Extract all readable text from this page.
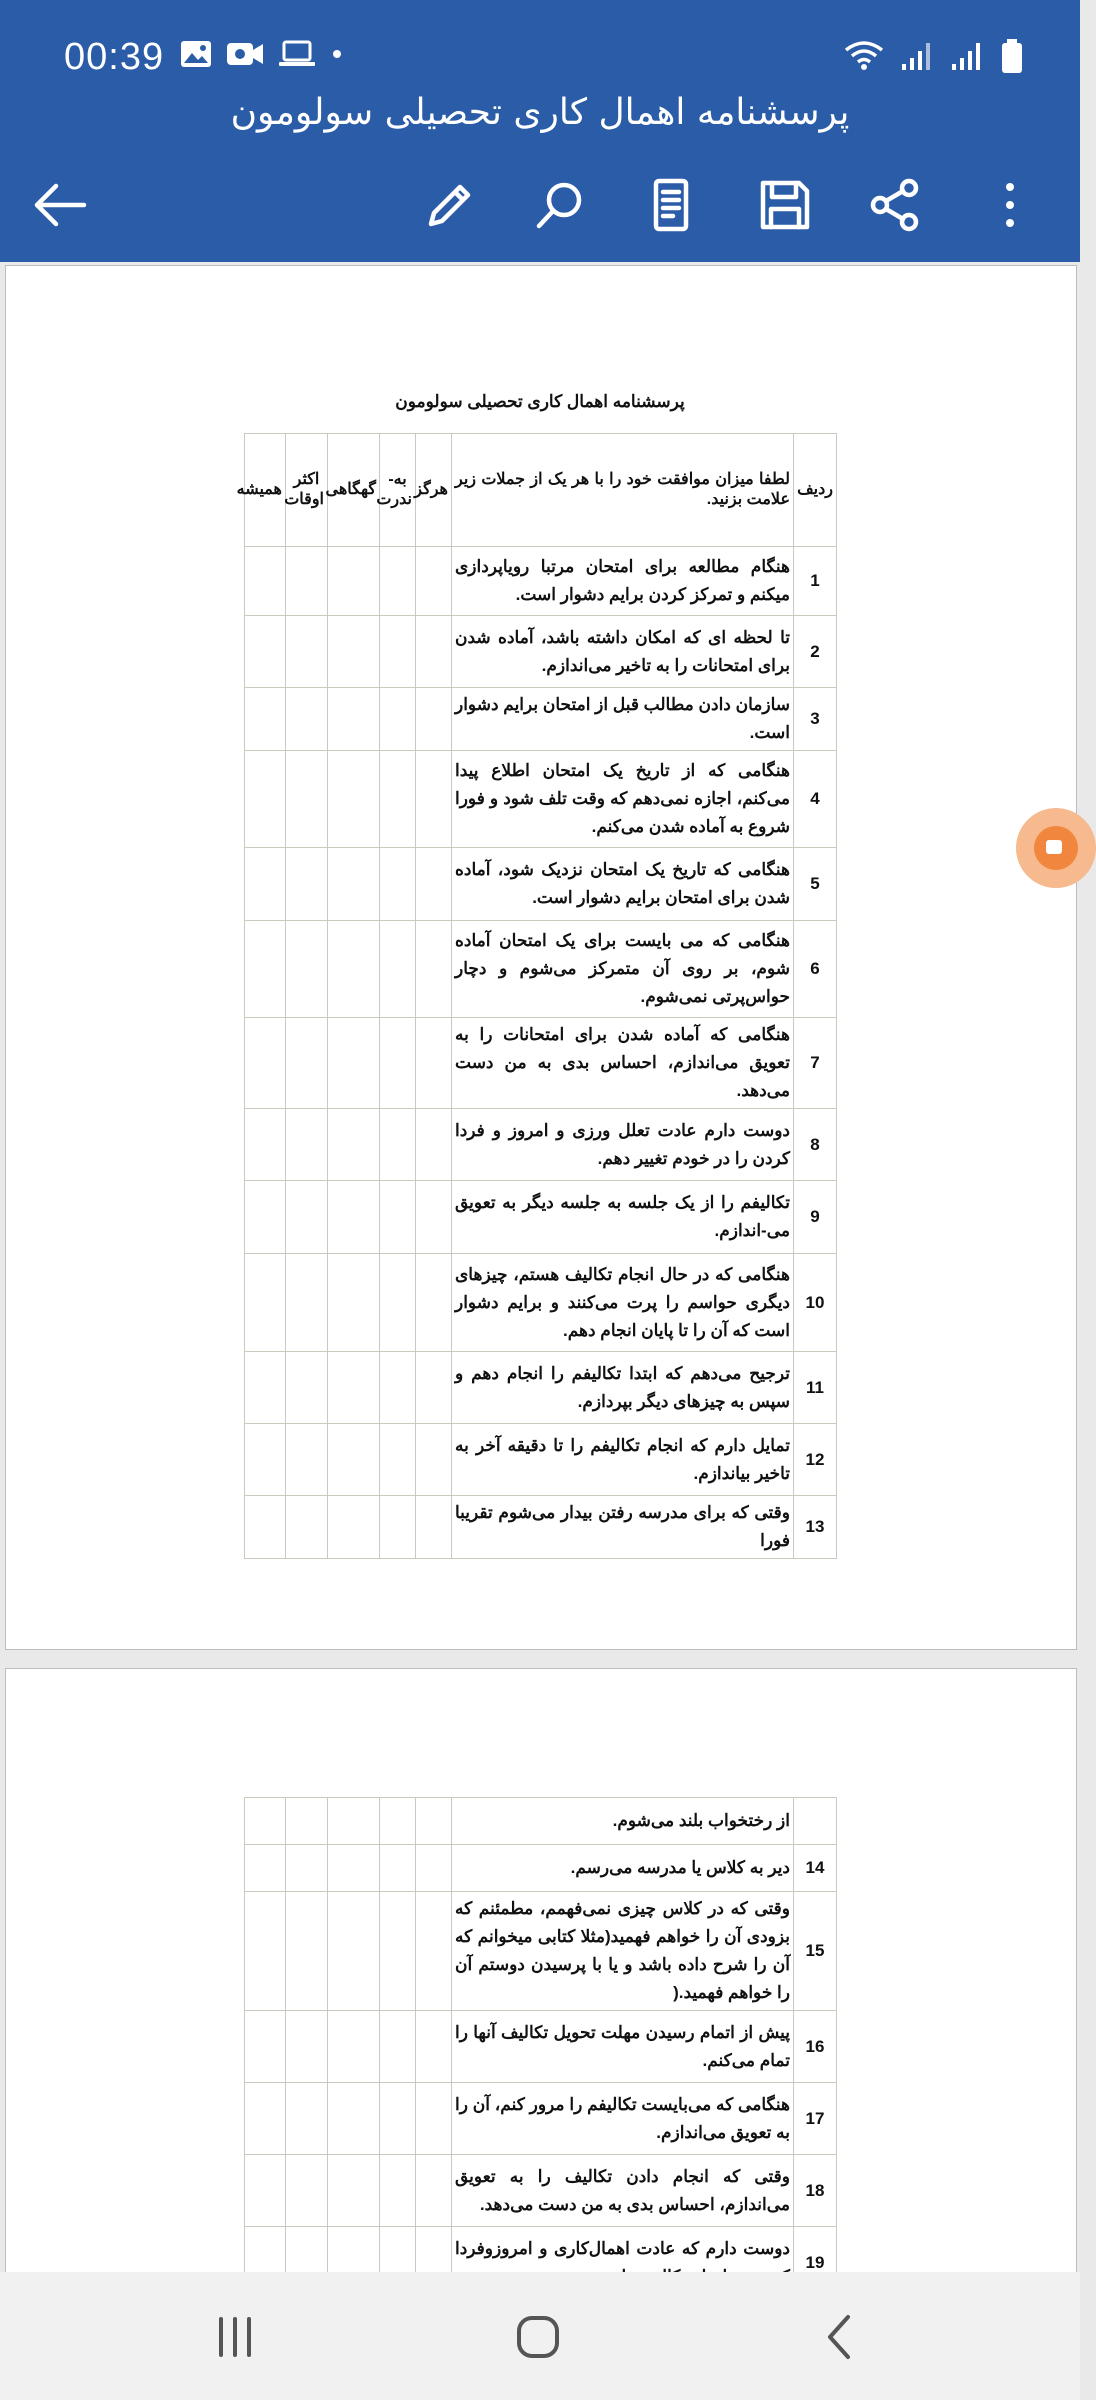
00:39
پرسشنامه اهمال کاری تحصیلی سولومون
پرسشنامه اهمال کاری تحصیلی سولومون
ردیف	لطفا میزان موافقت خود را با هر یک از جملات زیر علامت بزنید.	هرگز	به-ندرت	گهگاهی	اکثر اوقات	همیشه
1	هنگام مطالعه برای امتحان مرتبا رویاپردازی میکنم و تمرکز کردن برایم دشوار است.					
2	تا لحظه ای که امکان داشته باشد، آماده شدن برای امتحانات را به تاخیر می‌اندازم.					
3	سازمان دادن مطالب قبل از امتحان برایم دشوار است.					
4	هنگامی که از تاریخ یک امتحان اطلاع پیدا می‌کنم، اجازه نمی‌دهم که وقت تلف شود و فورا شروع به آماده شدن می‌کنم.					
5	هنگامی که تاریخ یک امتحان نزدیک شود، آماده شدن برای امتحان برایم دشوار است.					
6	هنگامی که می بایست برای یک امتحان آماده شوم، بر روی آن متمرکز می‌شوم و دچار حواس‌پرتی نمی‌شوم.					
7	هنگامی که آماده شدن برای امتحانات را به تعویق می‌اندازم، احساس بدی به من دست می‌دهد.					
8	دوست دارم عادت تعلل ورزی و امروز و فردا کردن را در خودم تغییر دهم.					
9	تکالیفم را از یک جلسه به جلسه دیگر به تعویق می-اندازم.					
10	هنگامی که در حال انجام تکالیف هستم، چیزهای دیگری حواسم را پرت می‌کنند و برایم دشوار است که آن را تا پایان انجام دهم.					
11	ترجیح می‌دهم که ابتدا تکالیفم را انجام دهم و سپس به چیزهای دیگر بپردازم.					
12	تمایل دارم که انجام تکالیفم را تا دقیقه آخر به تاخیر بیاندازم.					
13	وقتی که برای مدرسه رفتن بیدار می‌شوم تقریبا فورا					
	از رختخواب بلند می‌شوم.					
14	دیر به کلاس یا مدرسه می‌رسم.					
15	وقتی که در کلاس چیزی نمی‌فهمم، مطمئنم که بزودی آن را خواهم فهمید(مثلا کتابی میخوانم که آن را شرح داده باشد و یا با پرسیدن دوستم آن را خواهم فهمید.(					
16	پیش از اتمام رسیدن مهلت تحویل تکالیف آنها را تمام می‌کنم.					
17	هنگامی که می‌بایست تکالیفم را مرور کنم، آن را به تعویق می‌اندازم.					
18	وقتی که انجام دادن تکالیف را به تعویق می‌اندازم، احساس بدی به من دست می‌دهد.					
19	دوست دارم که عادت اهمال‌کاری و امروزوفردا					
